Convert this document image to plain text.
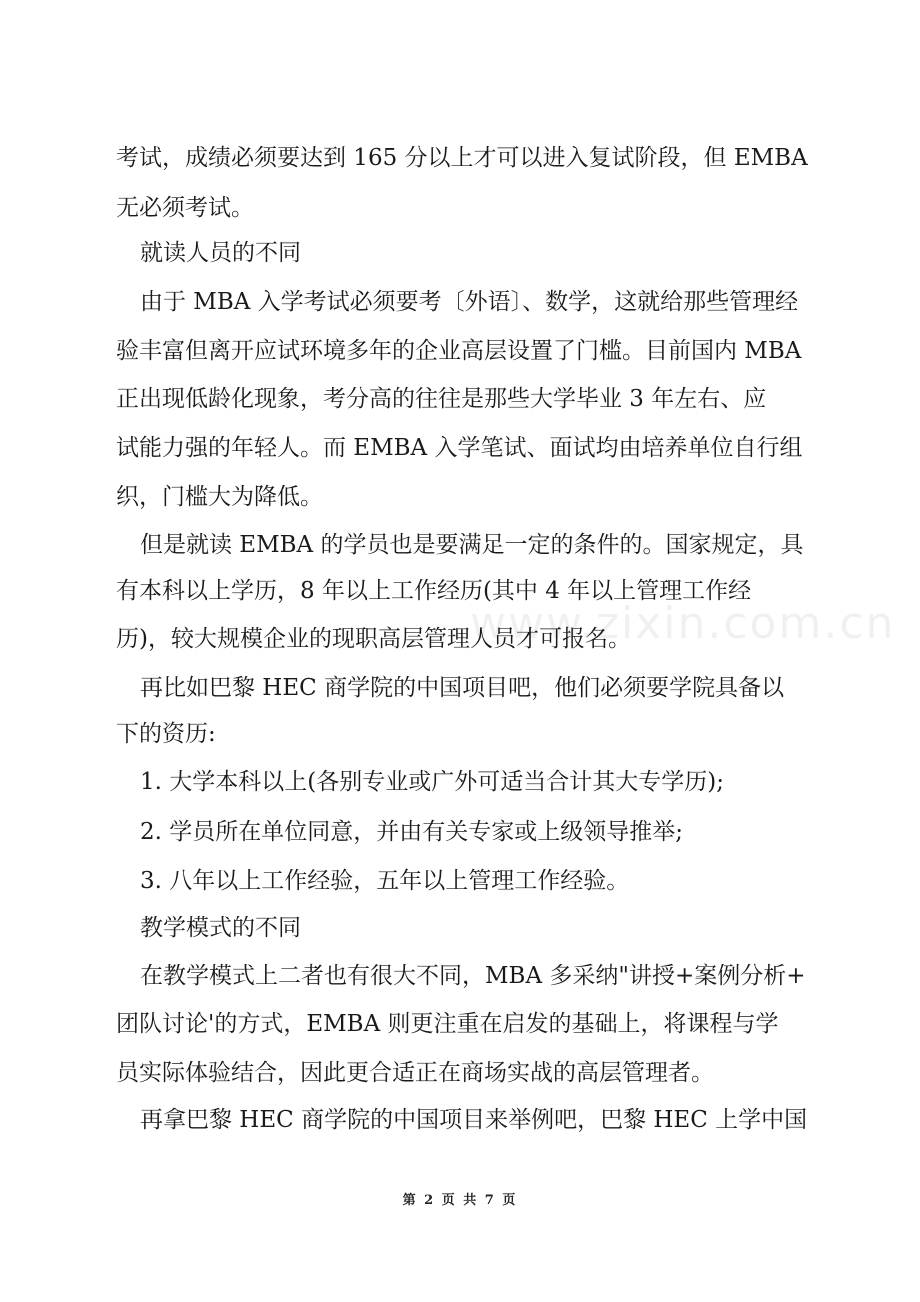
考试，成绩必须要达到 165 分以上才可以进入复试阶段，但 EMBA
无必须考试。
就读人员的不同
由于 MBA 入学考试必须要考〔外语〕、数学，这就给那些管理经
验丰富但离开应试环境多年的企业高层设置了门槛。目前国内 MBA
正出现低龄化现象，考分高的往往是那些大学毕业 3 年左右、应
试能力强的年轻人。而 EMBA 入学笔试、面试均由培养单位自行组
织，门槛大为降低。
但是就读 EMBA 的学员也是要满足一定的条件的。国家规定，具
有本科以上学历，8 年以上工作经历(其中 4 年以上管理工作经
历)，较大规模企业的现职高层管理人员才可报名。
再比如巴黎 HEC 商学院的中国项目吧，他们必须要学院具备以
下的资历:
1. 大学本科以上(各别专业或广外可适当合计其大专学历);
2. 学员所在单位同意，并由有关专家或上级领导推举;
3. 八年以上工作经验，五年以上管理工作经验。
教学模式的不同
在教学模式上二者也有很大不同，MBA 多采纳"讲授+案例分析+
团队讨论'的方式，EMBA 则更注重在启发的基础上，将课程与学
员实际体验结合，因此更合适正在商场实战的高层管理者。
再拿巴黎 HEC 商学院的中国项目来举例吧，巴黎 HEC 上学中国
www.zixin.com.cn
第 2 页 共 7 页
